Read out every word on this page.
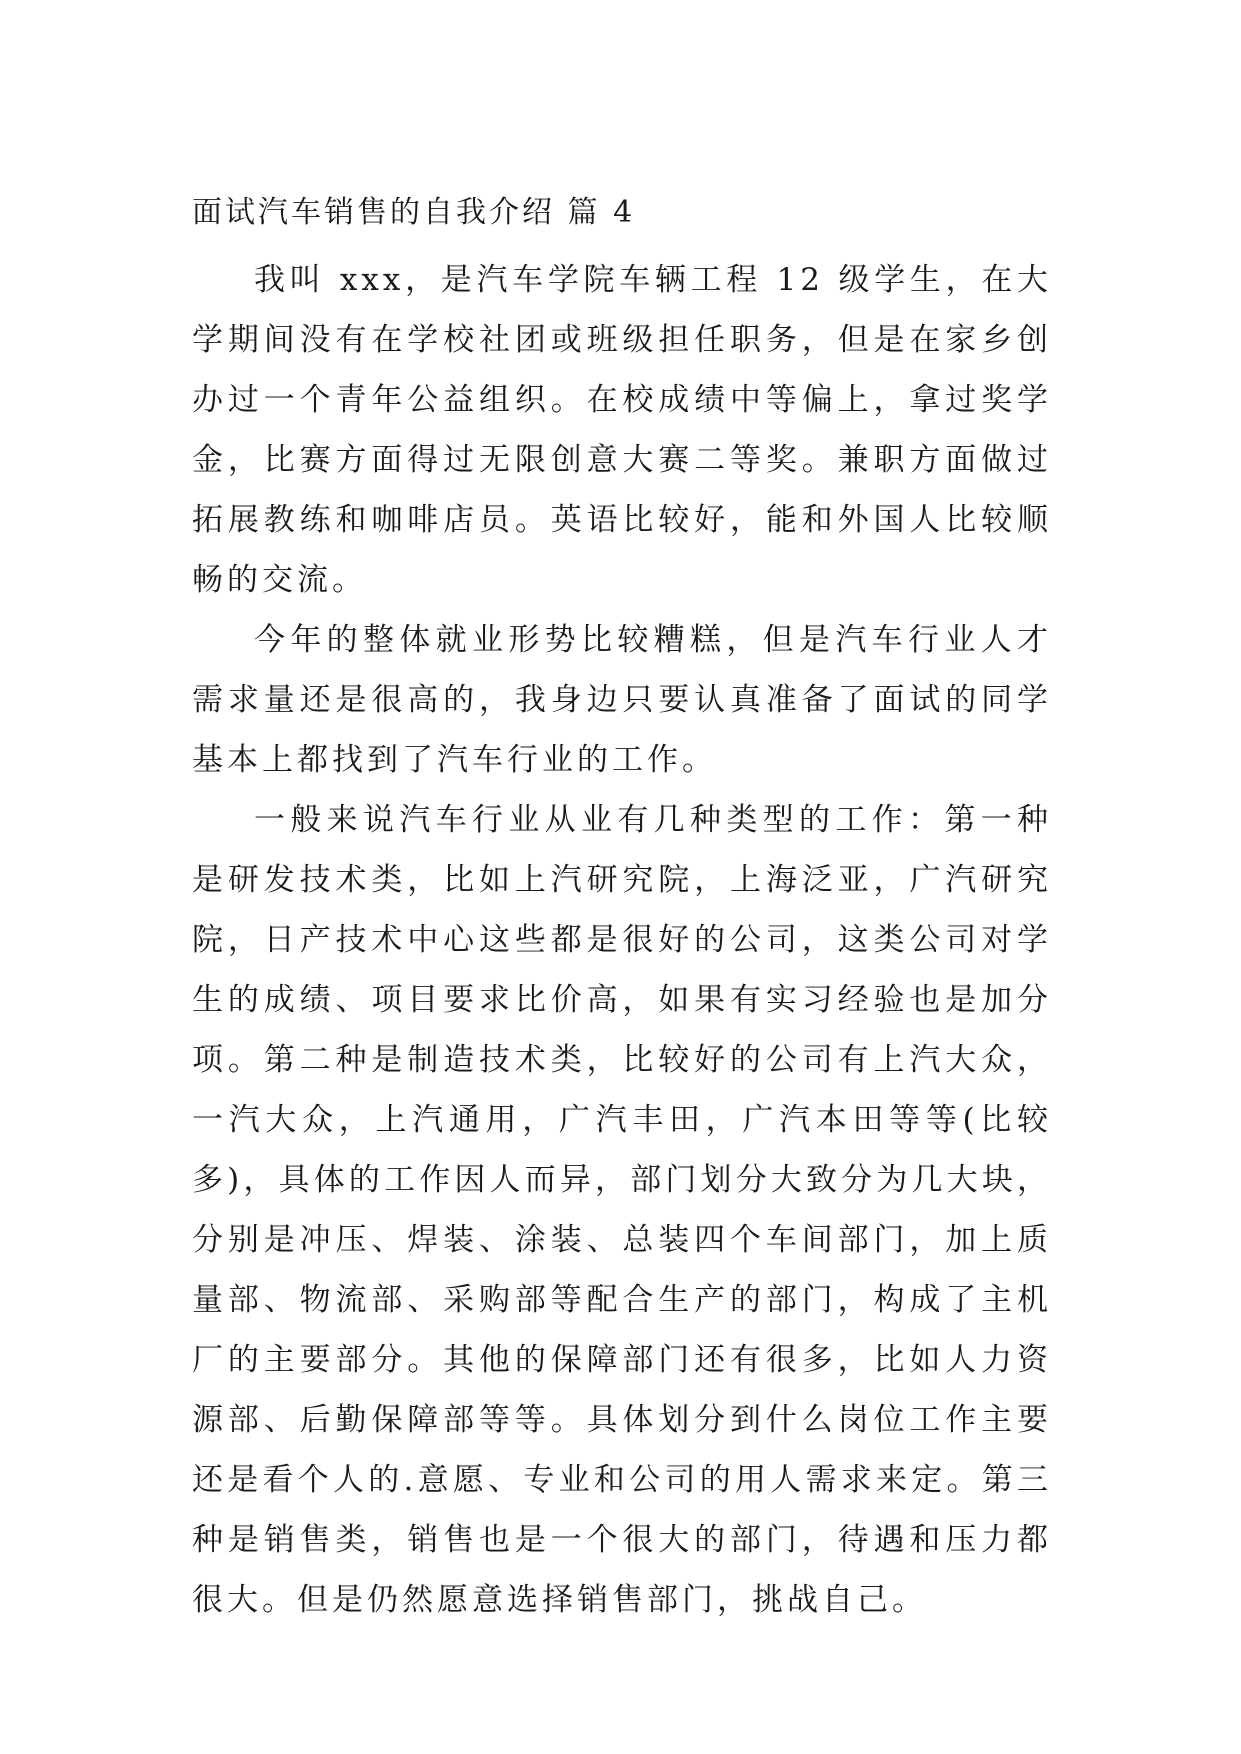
面试汽车销售的自我介绍 篇 4

我叫 xxx，是汽车学院车辆工程 12 级学生，在大学期间没有在学校社团或班级担任职务，但是在家乡创办过一个青年公益组织。在校成绩中等偏上，拿过奖学金，比赛方面得过无限创意大赛二等奖。兼职方面做过拓展教练和咖啡店员。英语比较好，能和外国人比较顺畅的交流。

今年的整体就业形势比较糟糕，但是汽车行业人才需求量还是很高的，我身边只要认真准备了面试的同学基本上都找到了汽车行业的工作。

一般来说汽车行业从业有几种类型的工作：第一种是研发技术类，比如上汽研究院，上海泛亚，广汽研究院，日产技术中心这些都是很好的公司，这类公司对学生的成绩、项目要求比价高，如果有实习经验也是加分项。第二种是制造技术类，比较好的公司有上汽大众，一汽大众，上汽通用，广汽丰田，广汽本田等等(比较多)，具体的工作因人而异，部门划分大致分为几大块，分别是冲压、焊装、涂装、总装四个车间部门，加上质量部、物流部、采购部等配合生产的部门，构成了主机厂的主要部分。其他的保障部门还有很多，比如人力资源部、后勤保障部等等。具体划分到什么岗位工作主要还是看个人的.意愿、专业和公司的用人需求来定。第三种是销售类，销售也是一个很大的部门，待遇和压力都很大。但是仍然愿意选择销售部门，挑战自己。
